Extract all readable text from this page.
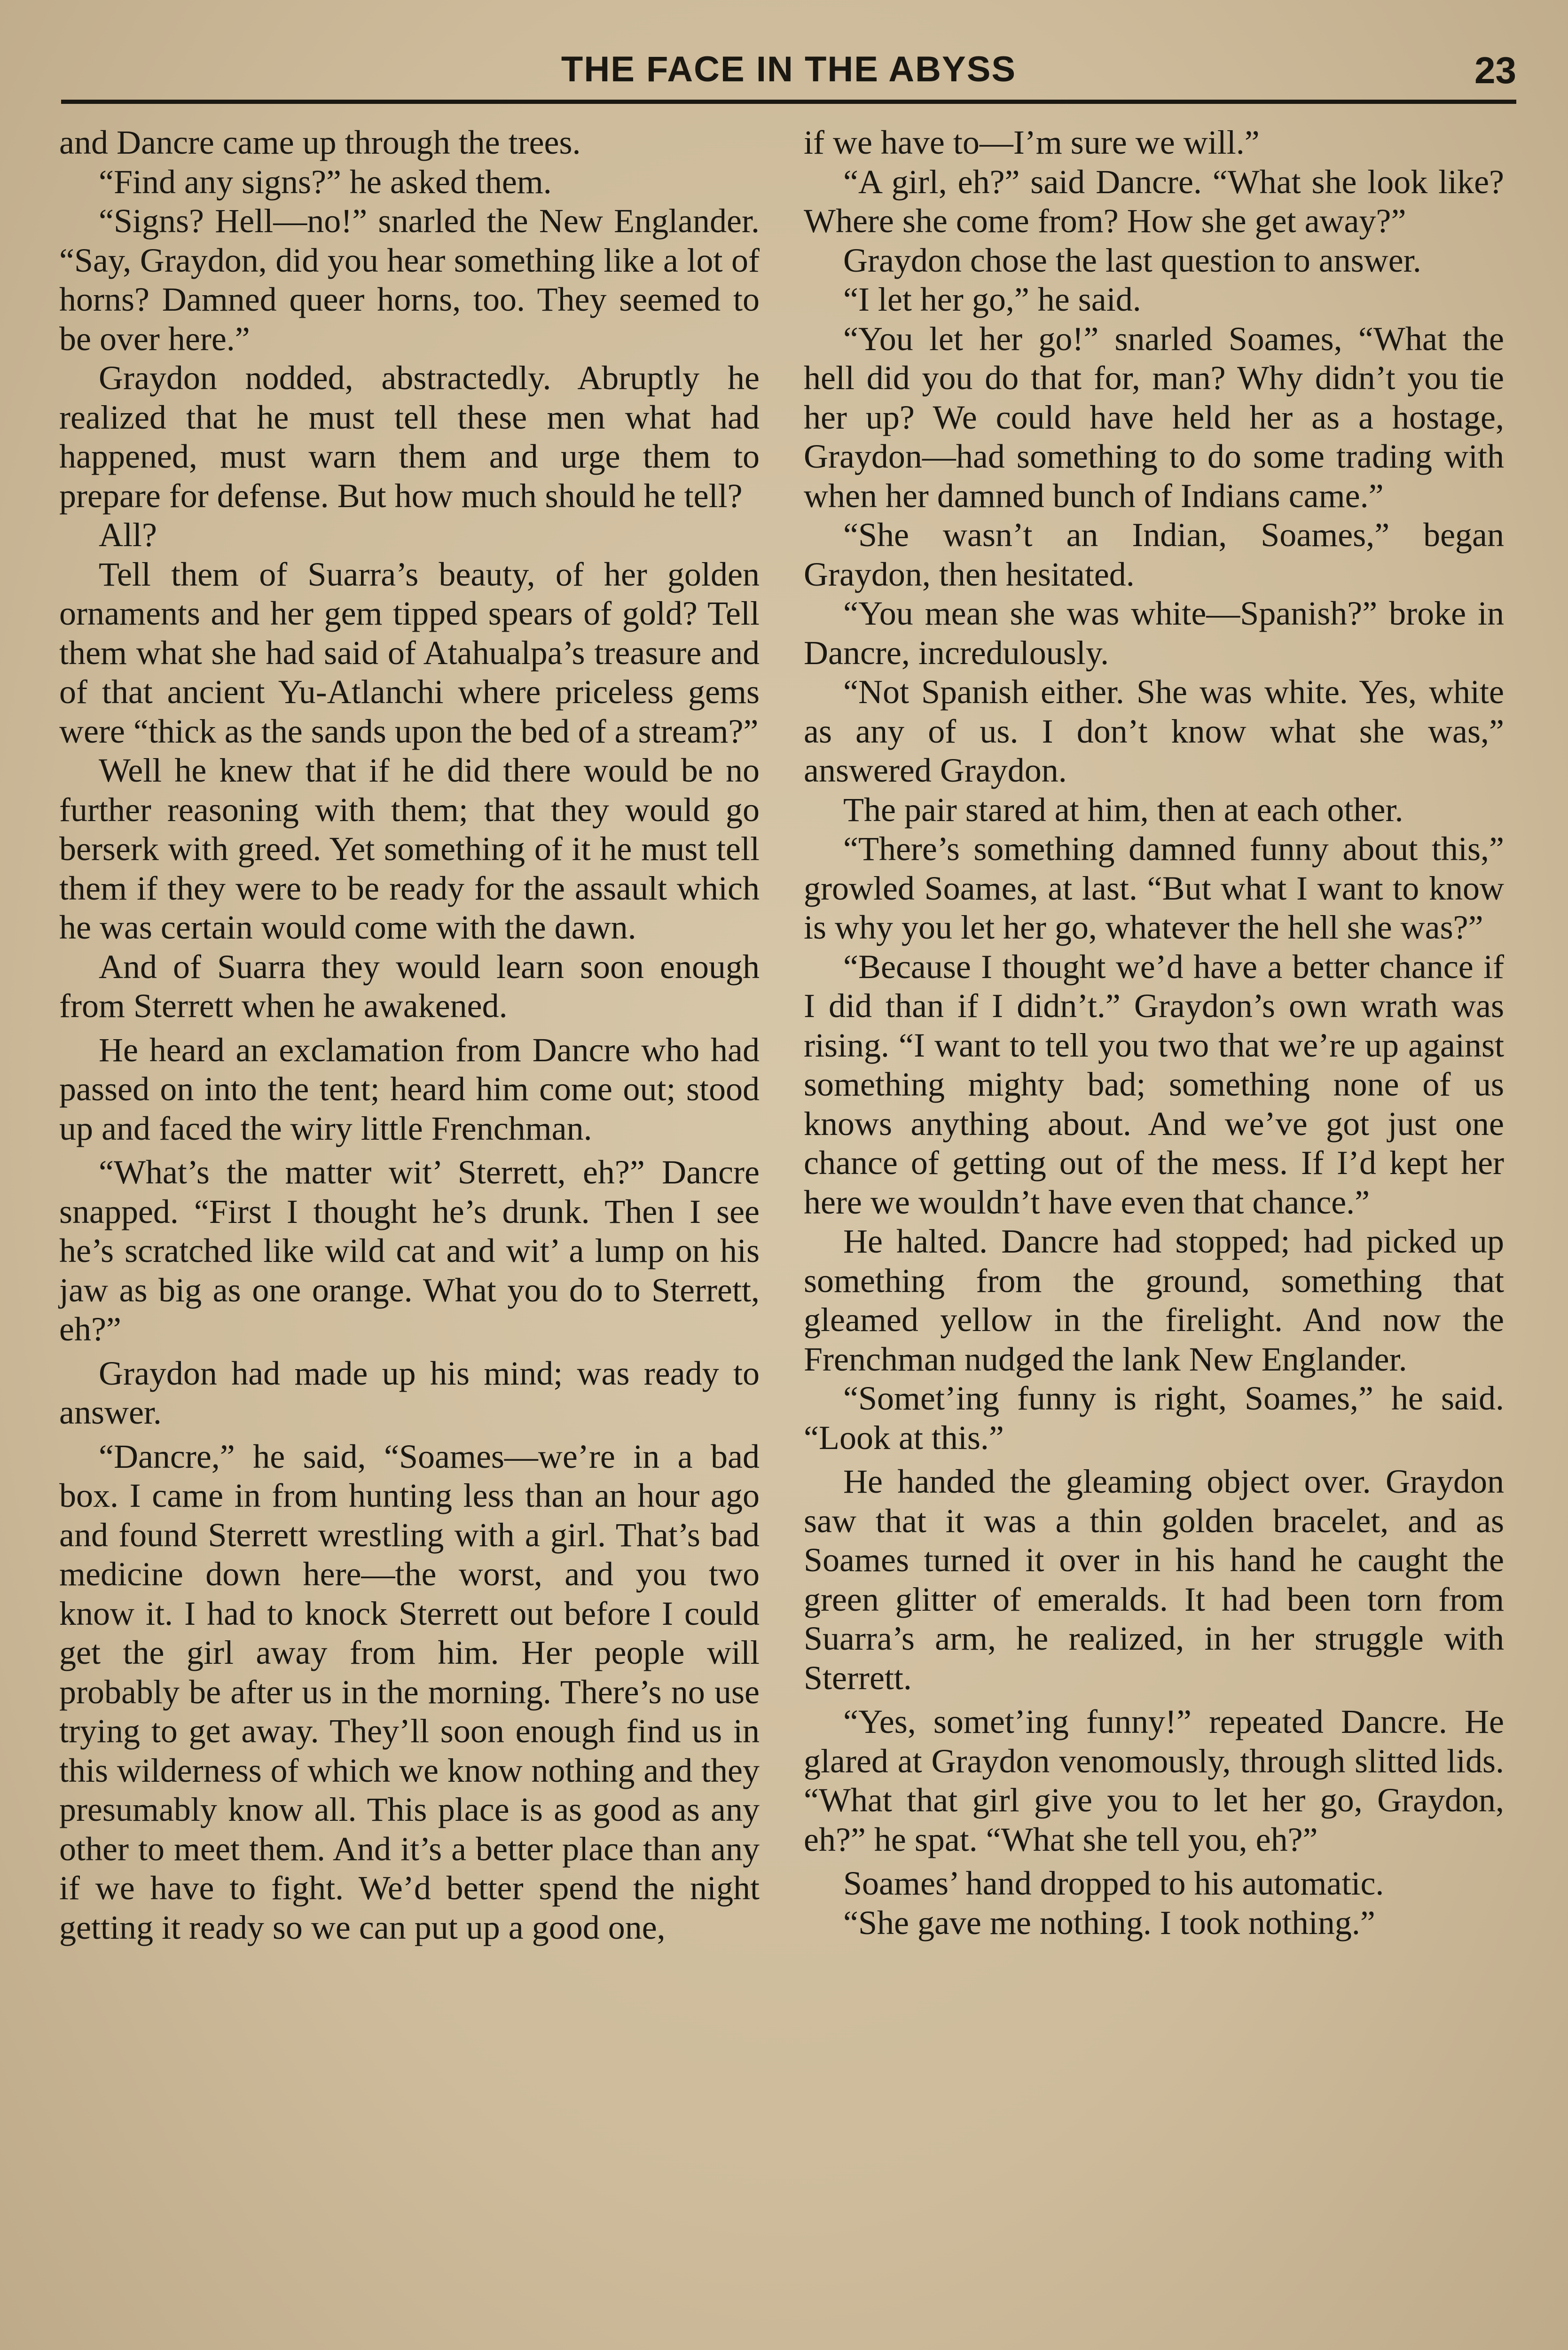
THE FACE IN THE ABYSS	23

and Dancre came up through the trees.

“Find any signs?” he asked them.

“Signs? Hell—no!” snarled the New Englander. “Say, Graydon, did you hear something like a lot of horns? Damned queer horns, too. They seemed to be over here.”

Graydon nodded, abstractedly. Abruptly he realized that he must tell these men what had happened, must warn them and urge them to prepare for defense. But how much should he tell?

All?

Tell them of Suarra’s beauty, of her golden ornaments and her gem tipped spears of gold? Tell them what she had said of Atahualpa’s treasure and of that ancient Yu-Atlanchi where priceless gems were “thick as the sands upon the bed of a stream?”

Well he knew that if he did there would be no further reasoning with them; that they would go berserk with greed. Yet something of it he must tell them if they were to be ready for the assault which he was certain would come with the dawn.

And of Suarra they would learn soon enough from Sterrett when he awakened.

He heard an exclamation from Dancre who had passed on into the tent; heard him come out; stood up and faced the wiry little Frenchman.

“What’s the matter wit’ Sterrett, eh?” Dancre snapped. “First I thought he’s drunk. Then I see he’s scratched like wild cat and wit’ a lump on his jaw as big as one orange. What you do to Sterrett, eh?”

Graydon had made up his mind; was ready to answer.

“Dancre,” he said, “Soames—we’re in a bad box. I came in from hunting less than an hour ago and found Sterrett wrestling with a girl. That’s bad medicine down here—the worst, and you two know it. I had to knock Sterrett out before I could get the girl away from him. Her people will probably be after us in the morning. There’s no use trying to get away. They’ll soon enough find us in this wilderness of which we know nothing and they presumably know all. This place is as good as any other to meet them. And it’s a better place than any if we have to fight. We’d better spend the night getting it ready so we can put up a good one,

if we have to—I’m sure we will.”

“A girl, eh?” said Dancre. “What she look like? Where she come from? How she get away?”

Graydon chose the last question to answer.

“I let her go,” he said.

“You let her go!” snarled Soames, “What the hell did you do that for, man? Why didn’t you tie her up? We could have held her as a hostage, Graydon—had something to do some trading with when her damned bunch of Indians came.”

“She wasn’t an Indian, Soames,” began Graydon, then hesitated.

“You mean she was white—Spanish?” broke in Dancre, incredulously.

“Not Spanish either. She was white. Yes, white as any of us. I don’t know what she was,” answered Graydon.

The pair stared at him, then at each other.

“There’s something damned funny about this,” growled Soames, at last. “But what I want to know is why you let her go, whatever the hell she was?”

“Because I thought we’d have a better chance if I did than if I didn’t.” Graydon’s own wrath was rising. “I want to tell you two that we’re up against something mighty bad; something none of us knows anything about. And we’ve got just one chance of getting out of the mess. If I’d kept her here we wouldn’t have even that chance.”

He halted. Dancre had stopped; had picked up something from the ground, something that gleamed yellow in the firelight. And now the Frenchman nudged the lank New Englander.

“Somet’ing funny is right, Soames,” he said. “Look at this.”

He handed the gleaming object over. Graydon saw that it was a thin golden bracelet, and as Soames turned it over in his hand he caught the green glitter of emeralds. It had been torn from Suarra’s arm, he realized, in her struggle with Sterrett.

“Yes, somet’ing funny!” repeated Dancre. He glared at Graydon venomously, through slitted lids. “What that girl give you to let her go, Graydon, eh?” he spat. “What she tell you, eh?”

Soames’ hand dropped to his automatic.

“She gave me nothing. I took nothing.”
